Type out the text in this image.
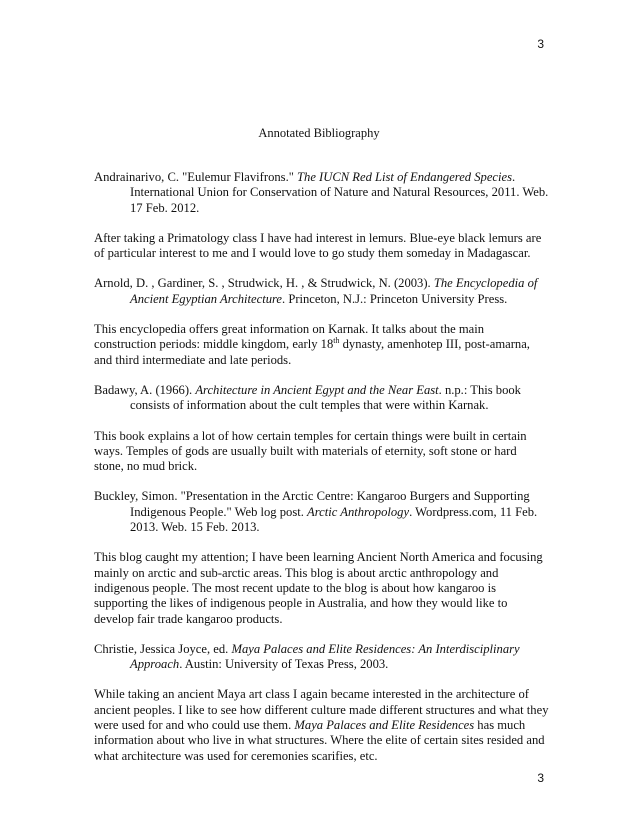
3
Annotated Bibliography

Andrainarivo, C. "Eulemur Flavifrons." The IUCN Red List of Endangered Species. International Union for Conservation of Nature and Natural Resources, 2011. Web. 17 Feb. 2012.

After taking a Primatology class I have had interest in lemurs. Blue-eye black lemurs are of particular interest to me and I would love to go study them someday in Madagascar.

Arnold, D. , Gardiner, S. , Strudwick, H. , & Strudwick, N. (2003). The Encyclopedia of Ancient Egyptian Architecture. Princeton, N.J.: Princeton University Press.

This encyclopedia offers great information on Karnak. It talks about the main construction periods: middle kingdom, early 18th dynasty, amenhotep III, post-amarna, and third intermediate and late periods.

Badawy, A. (1966). Architecture in Ancient Egypt and the Near East. n.p.: This book consists of information about the cult temples that were within Karnak.

This book explains a lot of how certain temples for certain things were built in certain ways. Temples of gods are usually built with materials of eternity, soft stone or hard stone, no mud brick.

Buckley, Simon. "Presentation in the Arctic Centre: Kangaroo Burgers and Supporting Indigenous People." Web log post. Arctic Anthropology. Wordpress.com, 11 Feb. 2013. Web. 15 Feb. 2013.

This blog caught my attention; I have been learning Ancient North America and focusing mainly on arctic and sub-arctic areas. This blog is about arctic anthropology and indigenous people. The most recent update to the blog is about how kangaroo is supporting the likes of indigenous people in Australia, and how they would like to develop fair trade kangaroo products.

Christie, Jessica Joyce, ed. Maya Palaces and Elite Residences: An Interdisciplinary Approach. Austin: University of Texas Press, 2003.

While taking an ancient Maya art class I again became interested in the architecture of ancient peoples. I like to see how different culture made different structures and what they were used for and who could use them. Maya Palaces and Elite Residences has much information about who live in what structures. Where the elite of certain sites resided and what architecture was used for ceremonies scarifies, etc.

3
